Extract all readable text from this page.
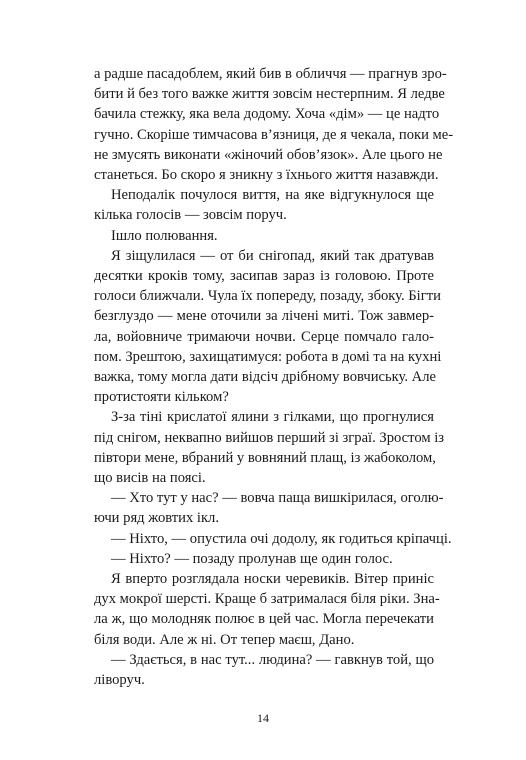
а радше пасадоблем, який бив в обличчя — прагнув зро-
бити й без того важке життя зовсім нестерпним. Я ледве
бачила стежку, яка вела додому. Хоча «дім» — це надто
гучно. Скоріше тимчасова в’язниця, де я чекала, поки ме-
не змусять виконати «жіночий обов’язок». Але цього не
станеться. Бо скоро я зникну з їхнього життя назавжди.
Неподалік почулося виття, на яке відгукнулося ще
кілька голосів — зовсім поруч.
Ішло полювання.
Я зіщулилася — от би снігопад, який так дратував
десятки кроків тому, засипав зараз із головою. Проте
голоси ближчали. Чула їх попереду, позаду, збоку. Бігти
безглуздо — мене оточили за лічені миті. Тож завмер-
ла, войовниче тримаючи ночви. Серце помчало гало-
пом. Зрештою, захищатимуся: робота в домі та на кухні
важка, тому могла дати відсіч дрібному вовчиську. Але
протистояти кільком?
З-за тіні крислатої ялини з гілками, що прогнулися
під снігом, неквапно вийшов перший зі зграї. Зростом із
півтори мене, вбраний у вовняний плащ, із жабоколом,
що висів на поясі.
— Хто тут у нас? — вовча паща вишкірилася, оголю-
ючи ряд жовтих ікл.
— Ніхто, — опустила очі додолу, як годиться кріпачці.
— Ніхто? — позаду пролунав ще один голос.
Я вперто розглядала носки черевиків. Вітер приніс
дух мокрої шерсті. Краще б затрималася біля ріки. Зна-
ла ж, що молодняк полює в цей час. Могла перечекати
біля води. Але ж ні. От тепер маєш, Дано.
— Здається, в нас тут... людина? — гавкнув той, що
ліворуч.
14
